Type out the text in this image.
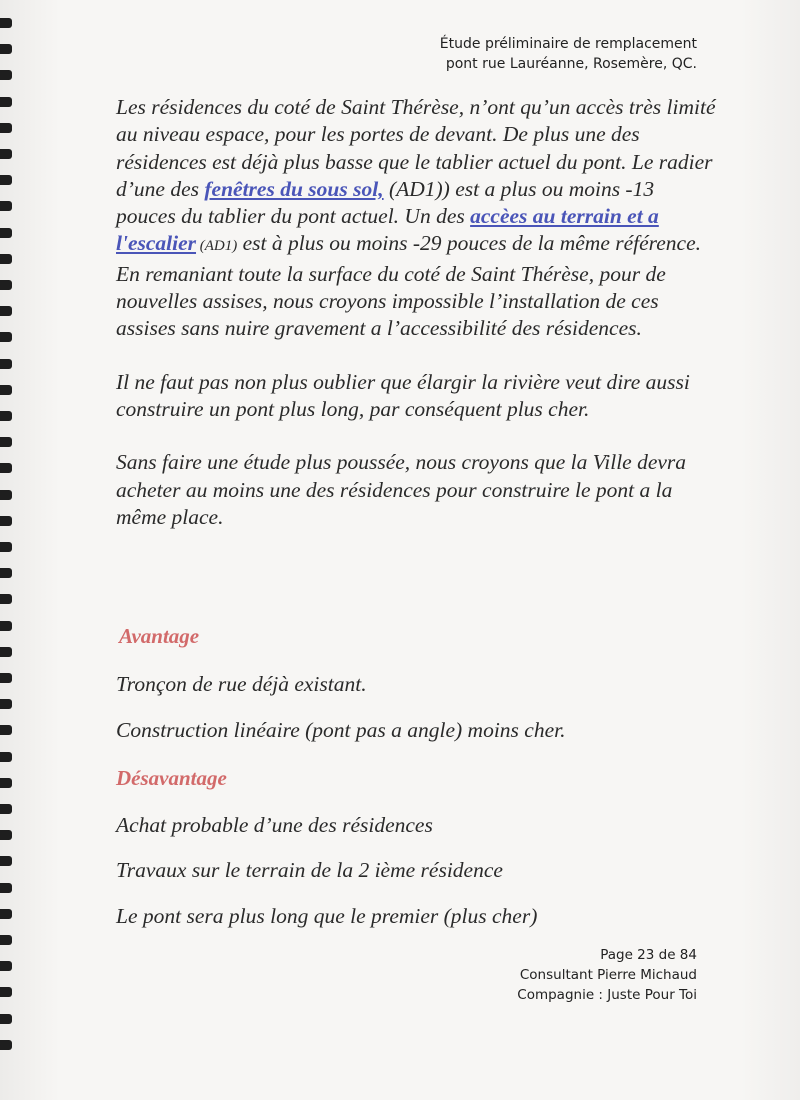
Étude préliminaire de remplacement
pont rue Lauréanne, Rosemère, QC.

Les résidences du coté de Saint Thérèse, n’ont qu’un accès très limité au niveau espace, pour les portes de devant. De plus une des résidences est déjà plus basse que le tablier actuel du pont. Le radier d’une des fenêtres du sous sol, (AD1)) est a plus ou moins -13 pouces du tablier du pont actuel. Un des accèes au terrain et a l'escalier (AD1) est à plus ou moins -29 pouces de la même référence. En remaniant toute la surface du coté de Saint Thérèse, pour de nouvelles assises, nous croyons impossible l’installation de ces assises sans nuire gravement a l’accessibilité des résidences.

Il ne faut pas non plus oublier que élargir la rivière veut dire aussi construire un pont plus long, par conséquent plus cher.

Sans faire une étude plus poussée, nous croyons que la Ville devra acheter au moins une des résidences pour construire le pont a la même place.

Avantage
Tronçon de rue déjà existant.
Construction linéaire (pont pas a angle) moins cher.
Désavantage
Achat probable d’une des résidences
Travaux sur le terrain de la 2 ième résidence
Le pont sera plus long que le premier (plus cher)
Page 23 de 84
Consultant Pierre Michaud
Compagnie : Juste Pour Toi
